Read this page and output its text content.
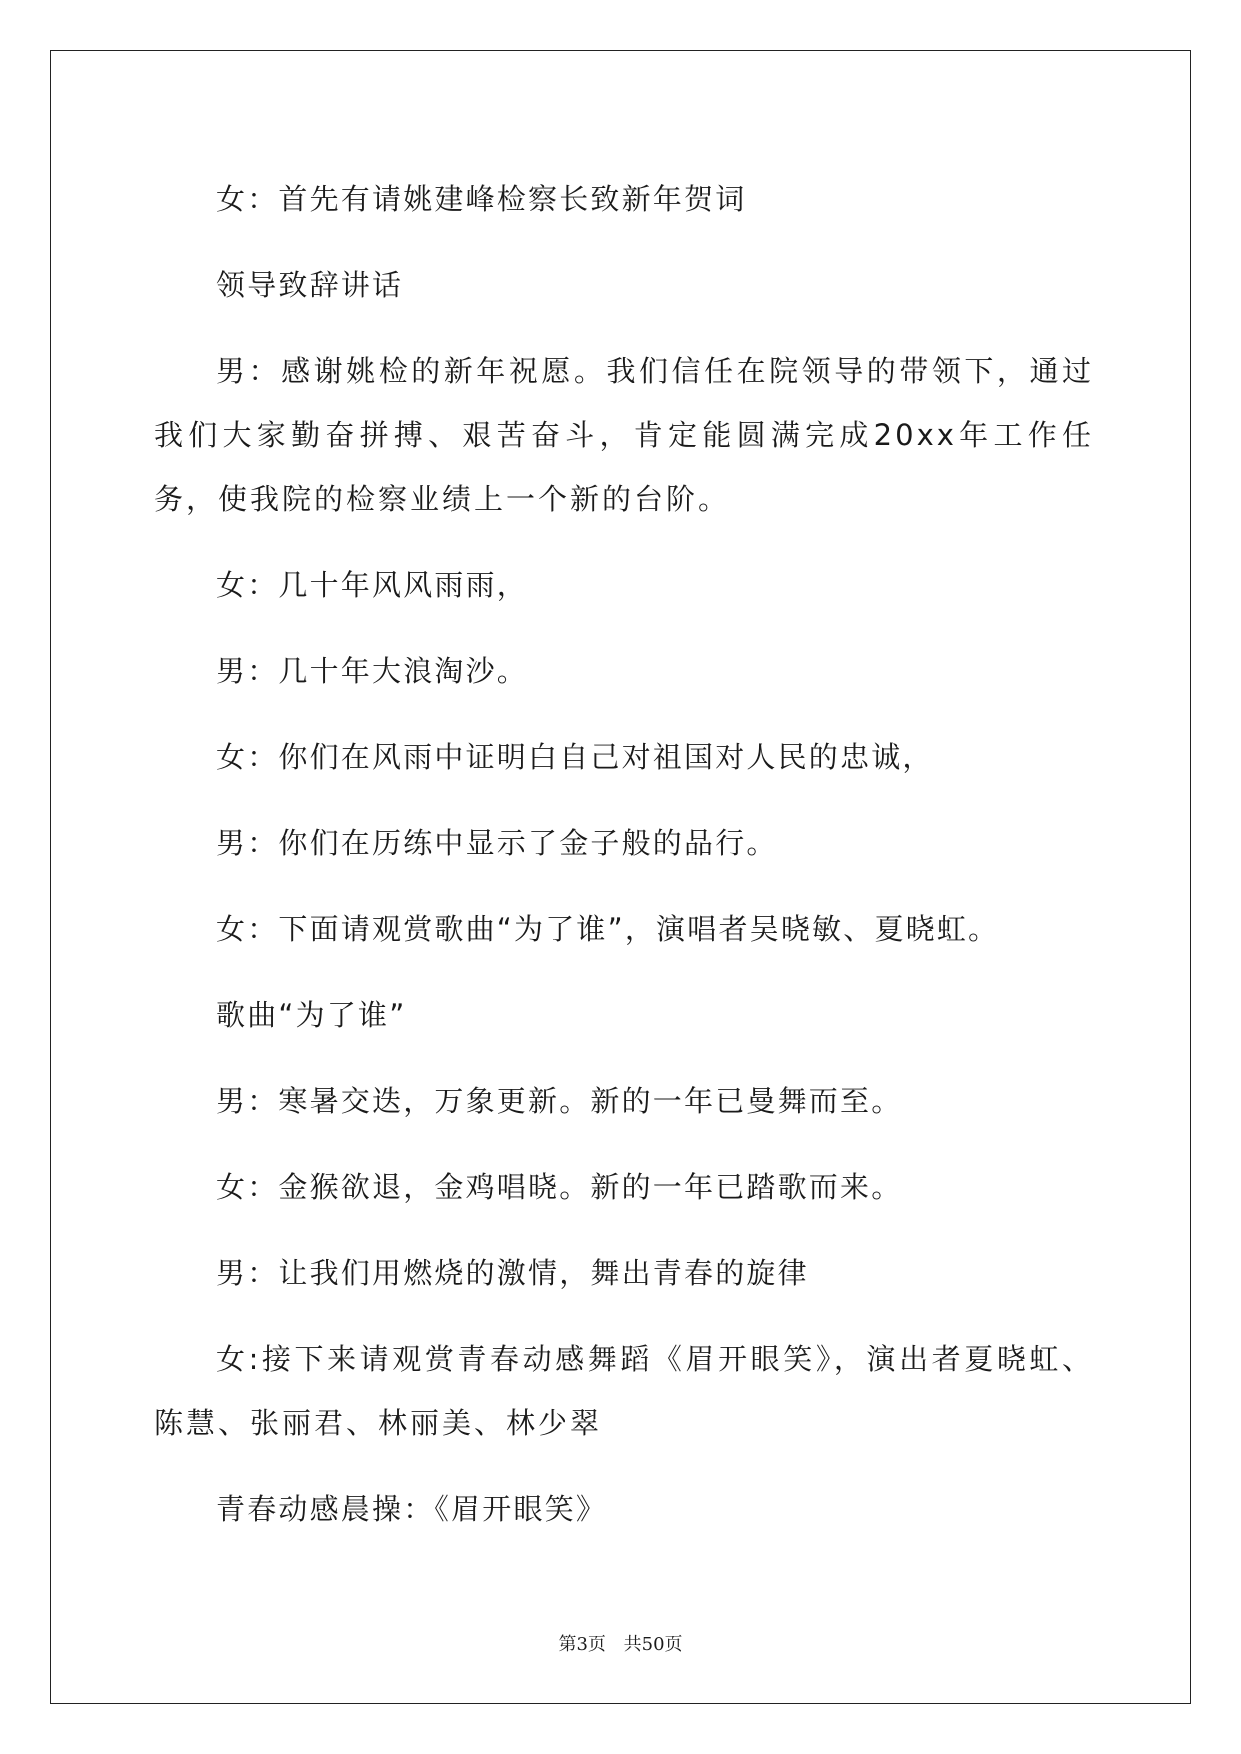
女：首先有请姚建峰检察长致新年贺词

领导致辞讲话

男：感谢姚检的新年祝愿。我们信任在院领导的带领下，通过我们大家勤奋拼搏、艰苦奋斗，肯定能圆满完成20xx年工作任务，使我院的检察业绩上一个新的台阶。

女：几十年风风雨雨，

男：几十年大浪淘沙。

女：你们在风雨中证明白自己对祖国对人民的忠诚，

男：你们在历练中显示了金子般的品行。

女：下面请观赏歌曲“为了谁”，演唱者吴晓敏、夏晓虹。

歌曲“为了谁”

男：寒暑交迭，万象更新。新的一年已曼舞而至。

女：金猴欲退，金鸡唱晓。新的一年已踏歌而来。

男：让我们用燃烧的激情，舞出青春的旋律

女:接下来请观赏青春动感舞蹈《眉开眼笑》，演出者夏晓虹、陈慧、张丽君、林丽美、林少翠

青春动感晨操：《眉开眼笑》

第3页 共50页
